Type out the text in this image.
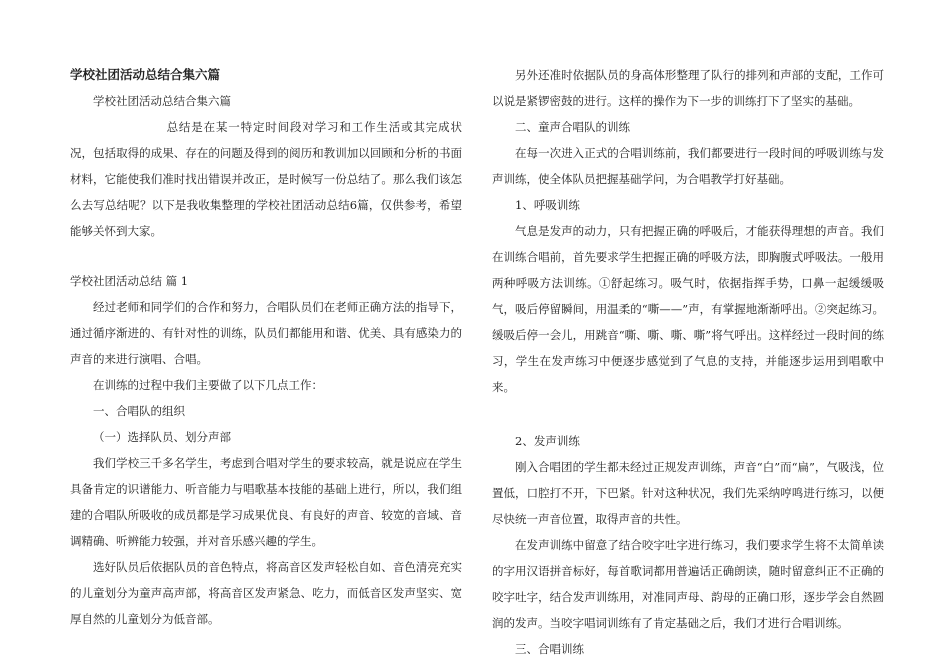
学校社团活动总结合集六篇

学校社团活动总结合集六篇

总结是在某一特定时间段对学习和工作生活或其完成状况，包括取得的成果、存在的问题及得到的阅历和教训加以回顾和分析的书面材料，它能使我们准时找出错误并改正，是时候写一份总结了。那么我们该怎么去写总结呢？以下是我收集整理的学校社团活动总结6篇，仅供参考，希望能够关怀到大家。

学校社团活动总结 篇 1

经过老师和同学们的合作和努力，合唱队员们在老师正确方法的指导下，通过循序渐进的、有针对性的训练，队员们都能用和谐、优美、具有感染力的声音的来进行演唱、合唱。

在训练的过程中我们主要做了以下几点工作：

一、合唱队的组织

（一）选择队员、划分声部

我们学校三千多名学生，考虑到合唱对学生的要求较高，就是说应在学生具备肯定的识谱能力、听音能力与唱歌基本技能的基础上进行，所以，我们组建的合唱队所吸收的成员都是学习成果优良、有良好的声音、较宽的音域、音调精确、听辨能力较强，并对音乐感兴趣的学生。

选好队员后依据队员的音色特点，将高音区发声轻松自如、音色清亮充实的儿童划分为童声高声部，将高音区发声紧急、吃力，而低音区发声坚实、宽厚自然的儿童划分为低音部。

另外还准时依据队员的身高体形整理了队行的排列和声部的支配，工作可以说是紧锣密鼓的进行。这样的操作为下一步的训练打下了坚实的基础。

二、童声合唱队的训练

在每一次进入正式的合唱训练前，我们都要进行一段时间的呼吸训练与发声训练，使全体队员把握基础学问，为合唱教学打好基础。

1、呼吸训练

气息是发声的动力，只有把握正确的呼吸后，才能获得理想的声音。我们在训练合唱前，首先要求学生把握正确的呼吸方法，即胸腹式呼吸法。一般用两种呼吸方法训练。①舒起练习。吸气时，依据指挥手势，口鼻一起缓缓吸气，吸后停留瞬间，用温柔的“嘶——”声，有掌握地渐渐呼出。②突起练习。缓吸后停一会儿，用跳音“嘶、嘶、嘶、嘶”将气呼出。这样经过一段时间的练习，学生在发声练习中便逐步感觉到了气息的支持，并能逐步运用到唱歌中来。

2、发声训练

刚入合唱团的学生都未经过正规发声训练，声音“白”而“扁”，气吸浅，位置低，口腔打不开，下巴紧。针对这种状况，我们先采纳哼鸣进行练习，以便尽快统一声音位置，取得声音的共性。

在发声训练中留意了结合咬字吐字进行练习，我们要求学生将不太简单读的字用汉语拼音标好，每首歌词都用普遍话正确朗读，随时留意纠正不正确的咬字吐字，结合发声训练用，对准同声母、韵母的正确口形，逐步学会自然圆润的发声。当咬字唱词训练有了肯定基础之后，我们才进行合唱训练。

三、合唱训练
